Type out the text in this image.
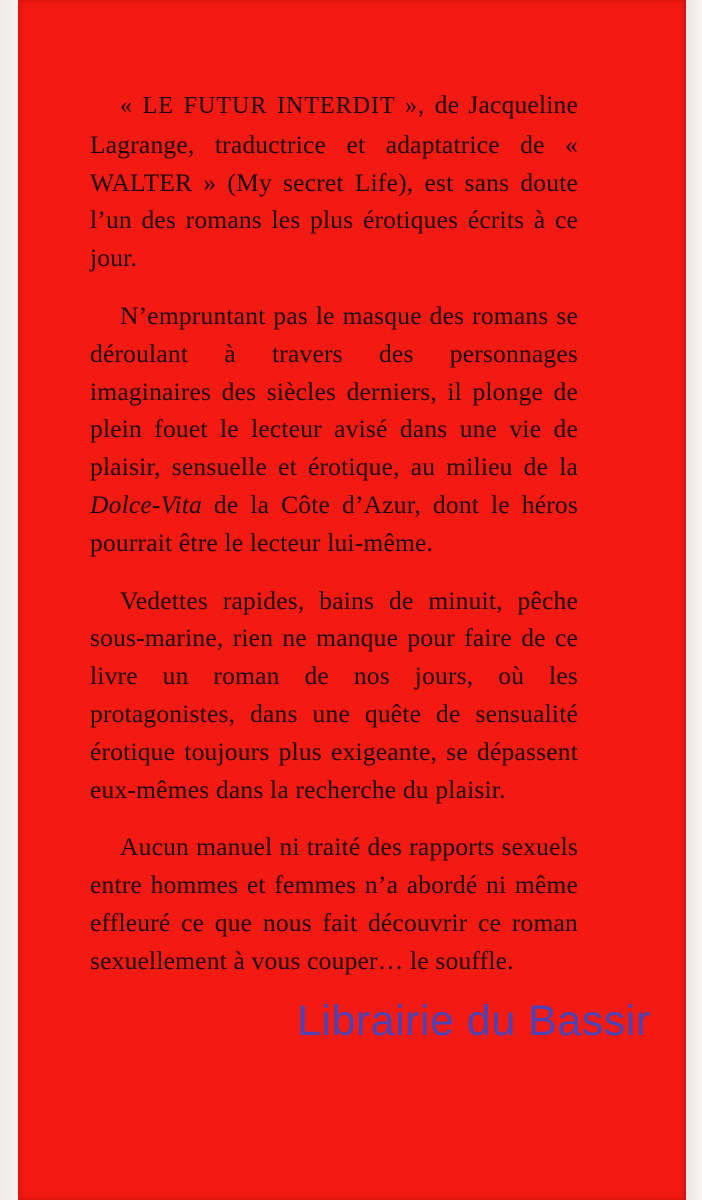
« LE FUTUR INTERDIT », de Jacqueline Lagrange, traductrice et adaptatrice de « WALTER » (My secret Life), est sans doute l’un des romans les plus érotiques écrits à ce jour.

N’empruntant pas le masque des romans se déroulant à travers des personnages imaginaires des siècles derniers, il plonge de plein fouet le lecteur avisé dans une vie de plaisir, sensuelle et érotique, au milieu de la Dolce-Vita de la Côte d’Azur, dont le héros pourrait être le lecteur lui-même.

Vedettes rapides, bains de minuit, pêche sous-marine, rien ne manque pour faire de ce livre un roman de nos jours, où les protagonistes, dans une quête de sensualité érotique toujours plus exigeante, se dépassent eux-mêmes dans la recherche du plaisir.

Aucun manuel ni traité des rapports sexuels entre hommes et femmes n’a abordé ni même effleuré ce que nous fait découvrir ce roman sexuellement à vous couper… le souffle.

Librairie du Bassir
